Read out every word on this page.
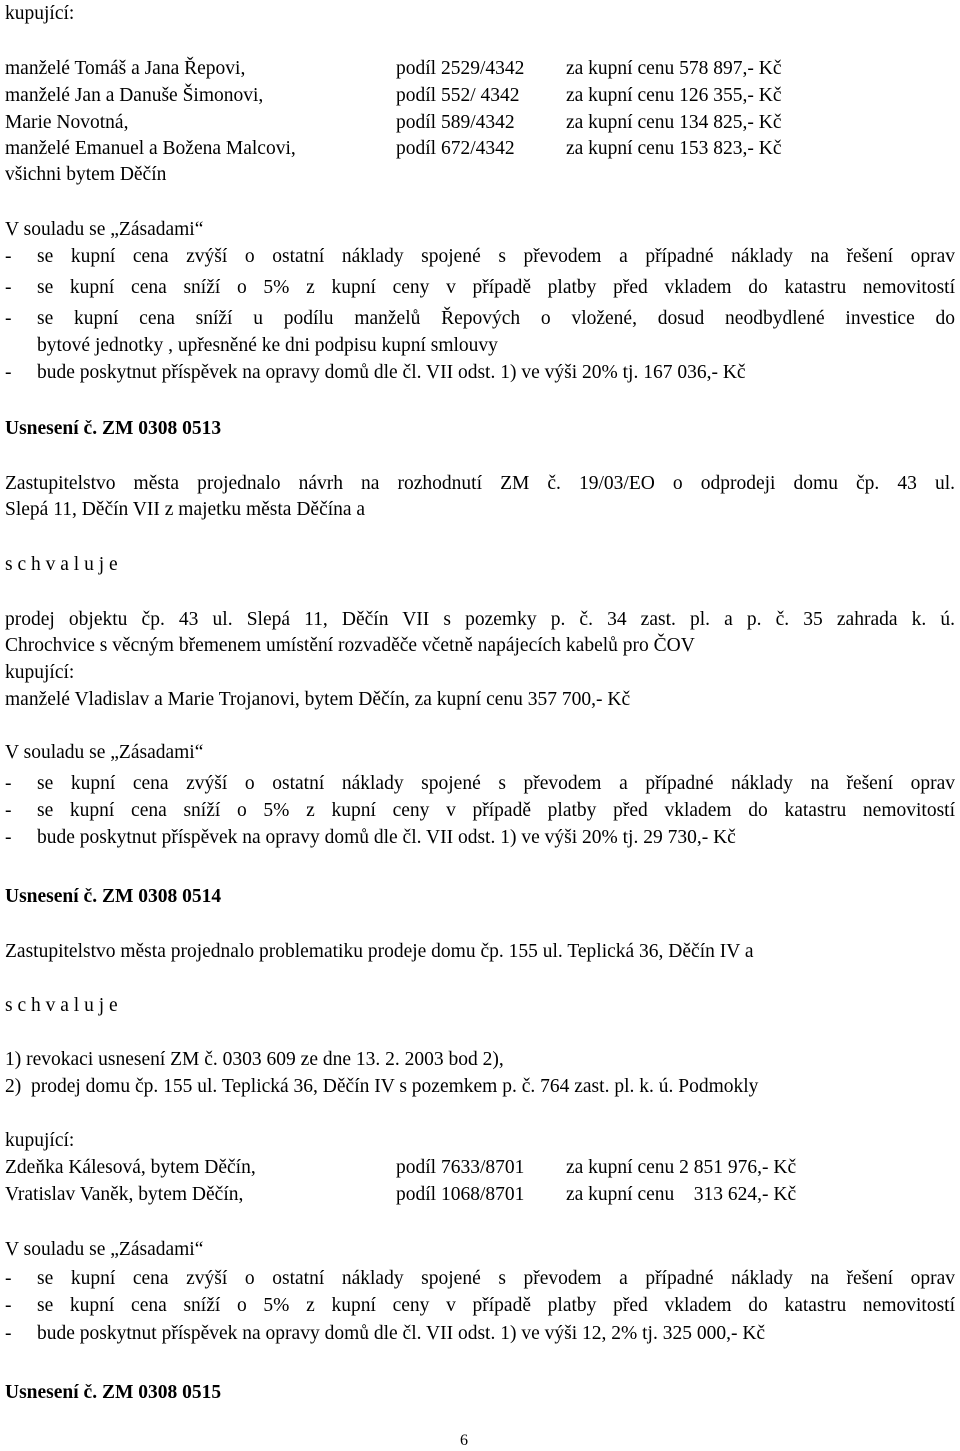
kupující:
manželé Tomáš a Jana Řepovi,	podíl 2529/4342 za kupní cenu 578 897,- Kč
manželé Jan a Danuše Šimonovi,	podíl 552/ 4342 za kupní cenu 126 355,- Kč
Marie Novotná,	podíl 589/4342	za kupní cenu 134 825,- Kč
manželé Emanuel a Božena Malcovi,	podíl 672/4342	za kupní cenu 153 823,- Kč
všichni bytem Děčín
V souladu se „Zásadami“
- se kupní cena zvýší o ostatní náklady spojené s převodem a případné náklady na řešení oprav
- se kupní cena sníží o 5% z kupní ceny v případě platby před vkladem do katastru nemovitostí
- se kupní cena sníží u podílu manželů Řepových o vložené, dosud neodbydlené investice do
bytové jednotky , upřesněné ke dni podpisu kupní smlouvy
- bude poskytnut příspěvek na opravy domů dle čl. VII odst. 1) ve výši 20% tj. 167 036,- Kč
Usnesení č. ZM 0308 0513
Zastupitelstvo města projednalo návrh na rozhodnutí ZM č. 19/03/EO o odprodeji domu čp. 43 ul.
Slepá 11, Děčín VII z majetku města Děčína a
s c h v a l u j e
prodej objektu čp. 43 ul. Slepá 11, Děčín VII s pozemky p. č. 34 zast. pl. a p. č. 35 zahrada k. ú.
Chrochvice s věcným břemenem umístění rozvaděče včetně napájecích kabelů pro ČOV
kupující:
manželé Vladislav a Marie Trojanovi, bytem Děčín, za kupní cenu 357 700,- Kč
V souladu se „Zásadami“
- se kupní cena zvýší o ostatní náklady spojené s převodem a případné náklady na řešení oprav
- se kupní cena sníží o 5% z kupní ceny v případě platby před vkladem do katastru nemovitostí
- bude poskytnut příspěvek na opravy domů dle čl. VII odst. 1) ve výši 20% tj. 29 730,- Kč
Usnesení č. ZM 0308 0514
Zastupitelstvo města projednalo problematiku prodeje domu čp. 155 ul. Teplická 36, Děčín IV a
s c h v a l u j e
1) revokaci usnesení ZM č. 0303 609 ze dne 13. 2. 2003 bod 2),
2)  prodej domu čp. 155 ul. Teplická 36, Děčín IV s pozemkem p. č. 764 zast. pl. k. ú. Podmokly
kupující:
Zdeňka Kálesová, bytem Děčín,	podíl 7633/8701 za kupní cenu 2 851 976,- Kč
Vratislav Vaněk, bytem Děčín,	podíl 1068/8701 za kupní cenu    313 624,- Kč
V souladu se „Zásadami“
- se kupní cena zvýší o ostatní náklady spojené s převodem a případné náklady na řešení oprav
- se kupní cena sníží o 5% z kupní ceny v případě platby před vkladem do katastru nemovitostí
- bude poskytnut příspěvek na opravy domů dle čl. VII odst. 1) ve výši 12, 2% tj. 325 000,- Kč
Usnesení č. ZM 0308 0515
6
